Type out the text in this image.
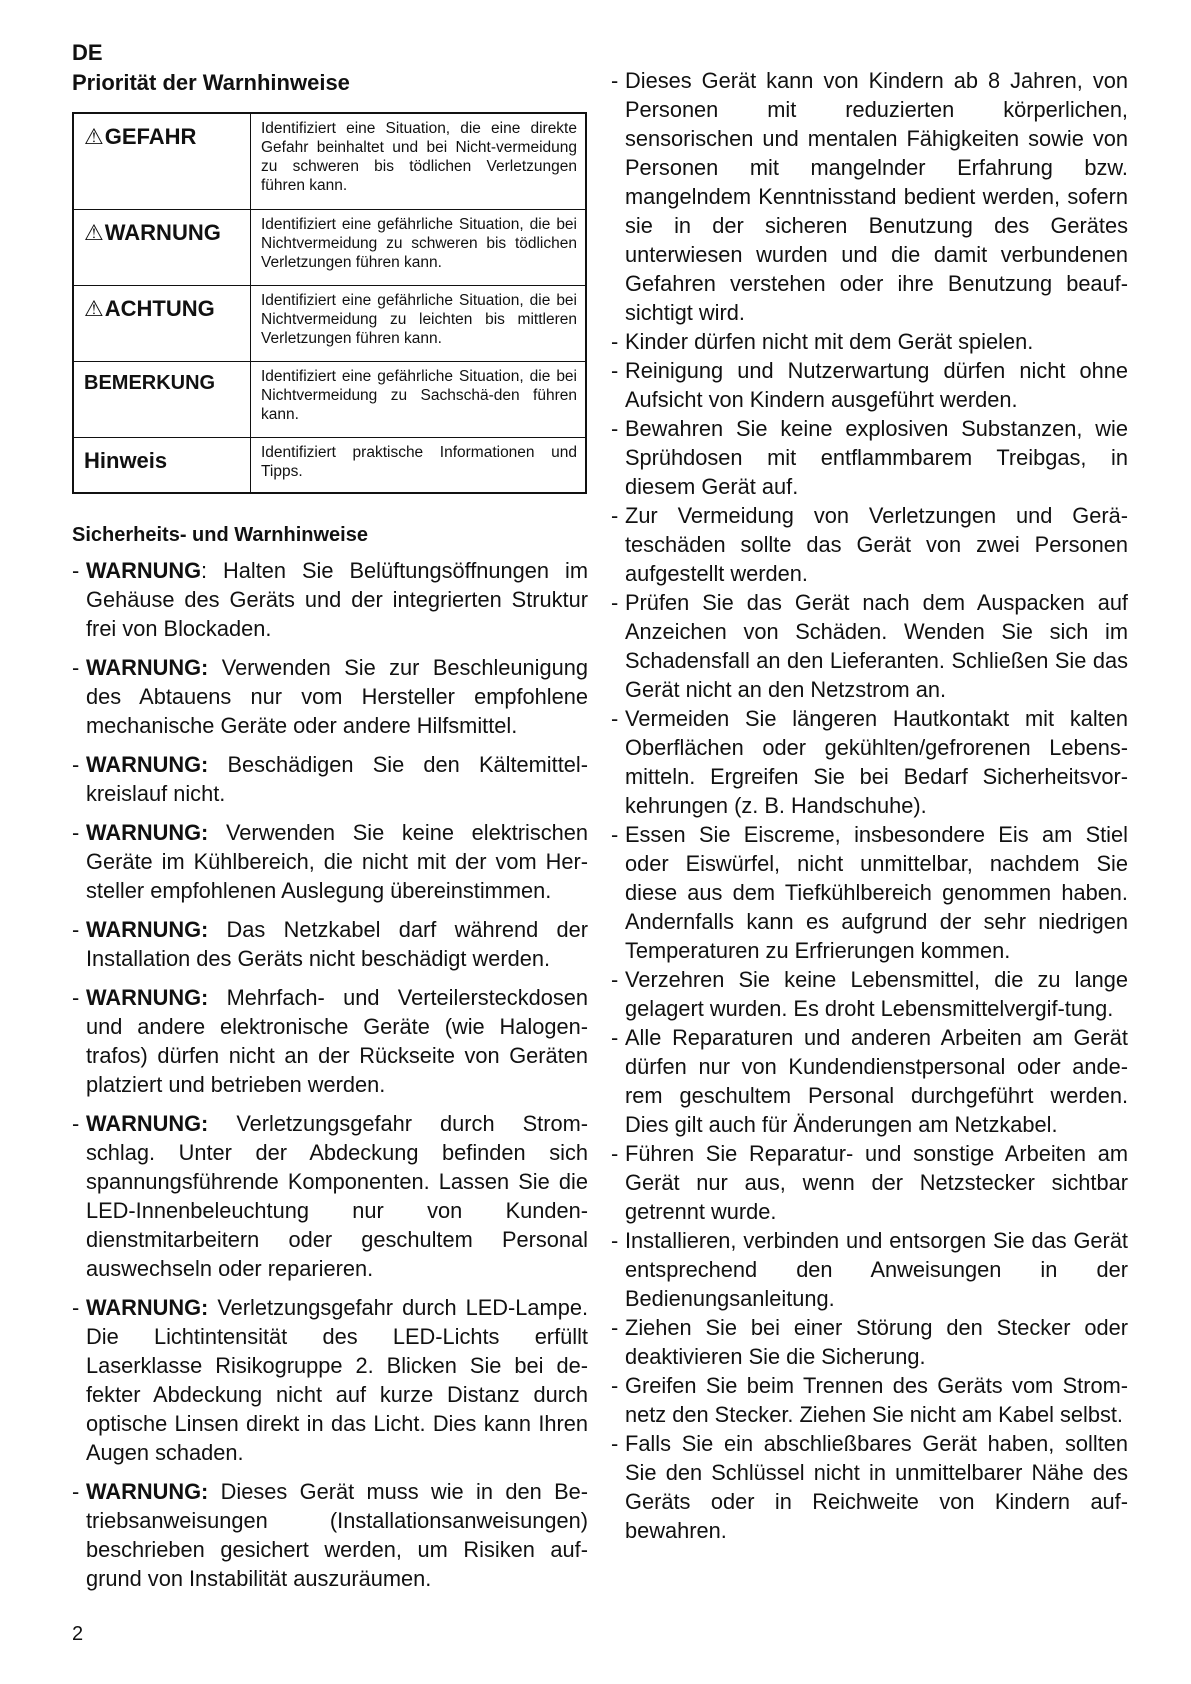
DE
Priorität der Warnhinweise
⚠GEFAHR	Identifiziert eine Situation, die eine direkte Gefahr beinhaltet und bei Nicht-vermeidung zu schweren bis tödlichen Verletzungen führen kann.
⚠WARNUNG	Identifiziert eine gefährliche Situation, die bei Nichtvermeidung zu schweren bis tödlichen Verletzungen führen kann.
⚠ACHTUNG	Identifiziert eine gefährliche Situation, die bei Nichtvermeidung zu leichten bis mittleren Verletzungen führen kann.
BEMERKUNG	Identifiziert eine gefährliche Situation, die bei Nichtvermeidung zu Sachschä-den führen kann.
Hinweis	Identifiziert praktische Informationen und Tipps.
Sicherheits- und Warnhinweise
- WARNUNG: Halten Sie Belüftungsöffnungen im Gehäuse des Geräts und der integrierten Struktur frei von Blockaden.
- WARNUNG: Verwenden Sie zur Beschleunigung des Abtauens nur vom Hersteller empfohlene mechanische Geräte oder andere Hilfsmittel.
- WARNUNG: Beschädigen Sie den Kältemittel-kreislauf nicht.
- WARNUNG: Verwenden Sie keine elektrischen Geräte im Kühlbereich, die nicht mit der vom Her-steller empfohlenen Auslegung übereinstimmen.
- WARNUNG: Das Netzkabel darf während der Installation des Geräts nicht beschädigt werden.
- WARNUNG: Mehrfach- und Verteilersteckdosen und andere elektronische Geräte (wie Halogen-trafos) dürfen nicht an der Rückseite von Geräten platziert und betrieben werden.
- WARNUNG: Verletzungsgefahr durch Strom-schlag. Unter der Abdeckung befinden sich spannungsführende Komponenten. Lassen Sie die LED-Innenbeleuchtung nur von Kunden-dienstmitarbeitern oder geschultem Personal auswechseln oder reparieren.
- WARNUNG: Verletzungsgefahr durch LED-Lampe. Die Lichtintensität des LED-Lichts erfüllt Laserklasse Risikogruppe 2. Blicken Sie bei de-fekter Abdeckung nicht auf kurze Distanz durch optische Linsen direkt in das Licht. Dies kann Ihren Augen schaden.
- WARNUNG: Dieses Gerät muss wie in den Be-triebsanweisungen (Installationsanweisungen) beschrieben gesichert werden, um Risiken auf-grund von Instabilität auszuräumen.
- Dieses Gerät kann von Kindern ab 8 Jahren, von Personen mit reduzierten körperlichen, sensorischen und mentalen Fähigkeiten sowie von Personen mit mangelnder Erfahrung bzw. mangelndem Kenntnisstand bedient werden, sofern sie in der sicheren Benutzung des Gerätes unterwiesen wurden und die damit verbundenen Gefahren verstehen oder ihre Benutzung beauf-sichtigt wird.
- Kinder dürfen nicht mit dem Gerät spielen.
- Reinigung und Nutzerwartung dürfen nicht ohne Aufsicht von Kindern ausgeführt werden.
- Bewahren Sie keine explosiven Substanzen, wie Sprühdosen mit entflammbarem Treibgas, in diesem Gerät auf.
- Zur Vermeidung von Verletzungen und Gerä-teschäden sollte das Gerät von zwei Personen aufgestellt werden.
- Prüfen Sie das Gerät nach dem Auspacken auf Anzeichen von Schäden. Wenden Sie sich im Schadensfall an den Lieferanten. Schließen Sie das Gerät nicht an den Netzstrom an.
- Vermeiden Sie längeren Hautkontakt mit kalten Oberflächen oder gekühlten/gefrorenen Lebens-mitteln. Ergreifen Sie bei Bedarf Sicherheitsvor-kehrungen (z. B. Handschuhe).
- Essen Sie Eiscreme, insbesondere Eis am Stiel oder Eiswürfel, nicht unmittelbar, nachdem Sie diese aus dem Tiefkühlbereich genommen haben. Andernfalls kann es aufgrund der sehr niedrigen Temperaturen zu Erfrierungen kommen.
- Verzehren Sie keine Lebensmittel, die zu lange gelagert wurden. Es droht Lebensmittelvergif-tung.
- Alle Reparaturen und anderen Arbeiten am Gerät dürfen nur von Kundendienstpersonal oder ande-rem geschultem Personal durchgeführt werden. Dies gilt auch für Änderungen am Netzkabel.
- Führen Sie Reparatur- und sonstige Arbeiten am Gerät nur aus, wenn der Netzstecker sichtbar getrennt wurde.
- Installieren, verbinden und entsorgen Sie das Gerät entsprechend den Anweisungen in der Bedienungsanleitung.
- Ziehen Sie bei einer Störung den Stecker oder deaktivieren Sie die Sicherung.
- Greifen Sie beim Trennen des Geräts vom Strom-netz den Stecker. Ziehen Sie nicht am Kabel selbst.
- Falls Sie ein abschließbares Gerät haben, sollten Sie den Schlüssel nicht in unmittelbarer Nähe des Geräts oder in Reichweite von Kindern auf-bewahren.
2
